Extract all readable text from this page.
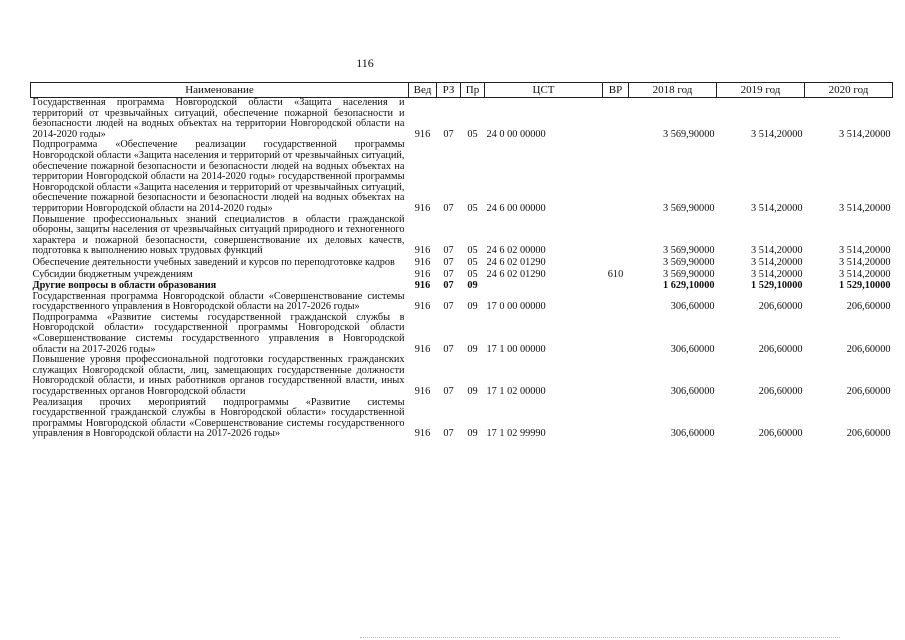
116
Наименование	Вед	РЗ	Пр	ЦСТ	ВР	2018 год	2019 год	2020 год
Государственная программа Новгородской области «Защита населения и территорий от чрезвычайных ситуаций, обеспечение пожарной безопасности и безопасности людей на водных объектах на территории Новгородской области на 2014-2020 годы»	916	07	05	24 0 00 00000		3 569,90000	3 514,20000	3 514,20000
Подпрограмма «Обеспечение реализации государственной программы Новгородской области «Защита населения и территорий от чрезвычайных ситуаций, обеспечение пожарной безопасности и безопасности людей на водных объектах на территории Новгородской области на 2014-2020 годы» государственной программы Новгородской области «Защита населения и территорий от чрезвычайных ситуаций, обеспечение пожарной безопасности и безопасности людей на водных объектах на территории Новгородской области на 2014-2020 годы»	916	07	05	24 6 00 00000		3 569,90000	3 514,20000	3 514,20000
Повышение профессиональных знаний специалистов в области гражданской обороны, защиты населения от чрезвычайных ситуаций природного и техногенного характера и пожарной безопасности, совершенствование их деловых качеств, подготовка к выполнению новых трудовых функций	916	07	05	24 6 02 00000		3 569,90000	3 514,20000	3 514,20000
Обеспечение деятельности учебных заведений и курсов по переподготовке кадров	916	07	05	24 6 02 01290		3 569,90000	3 514,20000	3 514,20000
Субсидии бюджетным учреждениям	916	07	05	24 6 02 01290	610	3 569,90000	3 514,20000	3 514,20000
Другие вопросы в области образования	916	07	09			1 629,10000	1 529,10000	1 529,10000
Государственная программа Новгородской области «Совершенствование системы государственного управления в Новгородской области на 2017-2026 годы»	916	07	09	17 0 00 00000		306,60000	206,60000	206,60000
Подпрограмма «Развитие системы государственной гражданской службы в Новгородской области» государственной программы Новгородской области «Совершенствование системы государственного управления в Новгородской области на 2017-2026 годы»	916	07	09	17 1 00 00000		306,60000	206,60000	206,60000
Повышение уровня профессиональной подготовки государственных гражданских служащих Новгородской области, лиц, замещающих государственные должности Новгородской области, и иных работников органов государственной власти, иных государственных органов Новгородской области	916	07	09	17 1 02 00000		306,60000	206,60000	206,60000
Реализация прочих мероприятий подпрограммы «Развитие системы государственной гражданской службы в Новгородской области» государственной программы Новгородской области «Совершенствование системы государственного управления в Новгородской области на 2017-2026 годы»	916	07	09	17 1 02 99990		306,60000	206,60000	206,60000
